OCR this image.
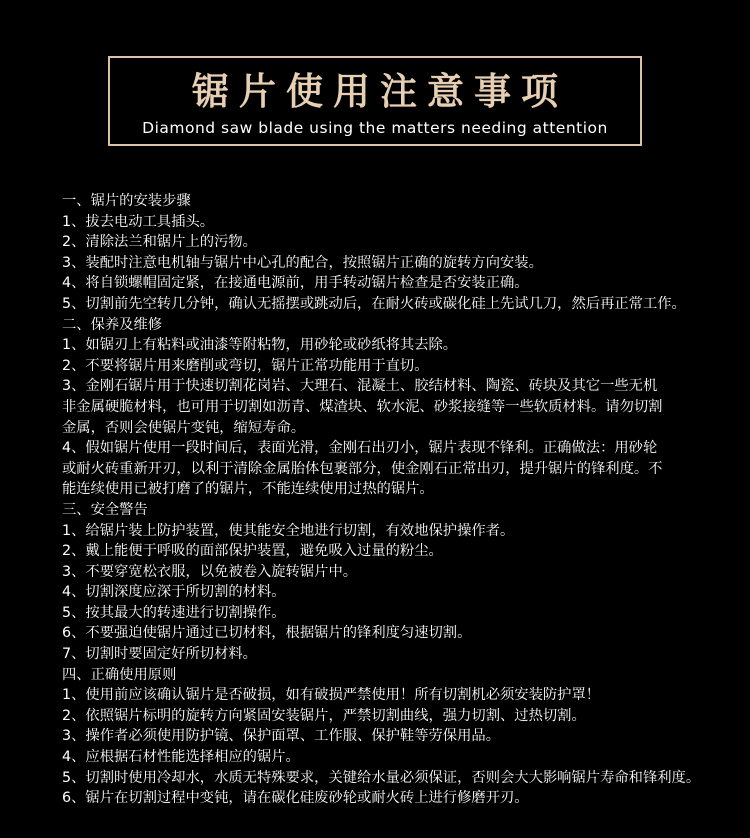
锯片使用注意事项
Diamond saw blade using the matters needing attention
一、锯片的安装步骤
1、拔去电动工具插头。
2、清除法兰和锯片上的污物。
3、装配时注意电机轴与锯片中心孔的配合，按照锯片正确的旋转方向安装。
4、将自锁螺帽固定紧，在接通电源前，用手转动锯片检查是否安装正确。
5、切割前先空转几分钟，确认无摇摆或跳动后，在耐火砖或碳化硅上先试几刀，然后再正常工作。
二、保养及维修
1、如锯刃上有粘料或油漆等附粘物，用砂轮或砂纸将其去除。
2、不要将锯片用来磨削或弯切，锯片正常功能用于直切。
3、金刚石锯片用于快速切割花岗岩、大理石、混凝土、胶结材料、陶瓷、砖块及其它一些无机
非金属硬脆材料，也可用于切割如沥青、煤渣块、软水泥、砂浆接缝等一些软质材料。请勿切割
金属，否则会使锯片变钝，缩短寿命。
4、假如锯片使用一段时间后，表面光滑，金刚石出刃小，锯片表现不锋利。正确做法：用砂轮
或耐火砖重新开刃，以利于清除金属胎体包裹部分，使金刚石正常出刃，提升锯片的锋利度。不
能连续使用已被打磨了的锯片，不能连续使用过热的锯片。
三、安全警告
1、给锯片装上防护装置，使其能安全地进行切割，有效地保护操作者。
2、戴上能便于呼吸的面部保护装置，避免吸入过量的粉尘。
3、不要穿宽松衣服，以免被卷入旋转锯片中。
4、切割深度应深于所切割的材料。
5、按其最大的转速进行切割操作。
6、不要强迫使锯片通过已切材料，根据锯片的锋利度匀速切割。
7、切割时要固定好所切材料。
四、正确使用原则
1、使用前应该确认锯片是否破损，如有破损严禁使用！所有切割机必须安装防护罩！
2、依照锯片标明的旋转方向紧固安装锯片，严禁切割曲线，强力切割、过热切割。
3、操作者必须使用防护镜、保护面罩、工作服、保护鞋等劳保用品。
4、应根据石材性能选择相应的锯片。
5、切割时使用冷却水，水质无特殊要求，关键给水量必须保证，否则会大大影响锯片寿命和锋利度。
6、锯片在切割过程中变钝，请在碳化硅废砂轮或耐火砖上进行修磨开刃。
